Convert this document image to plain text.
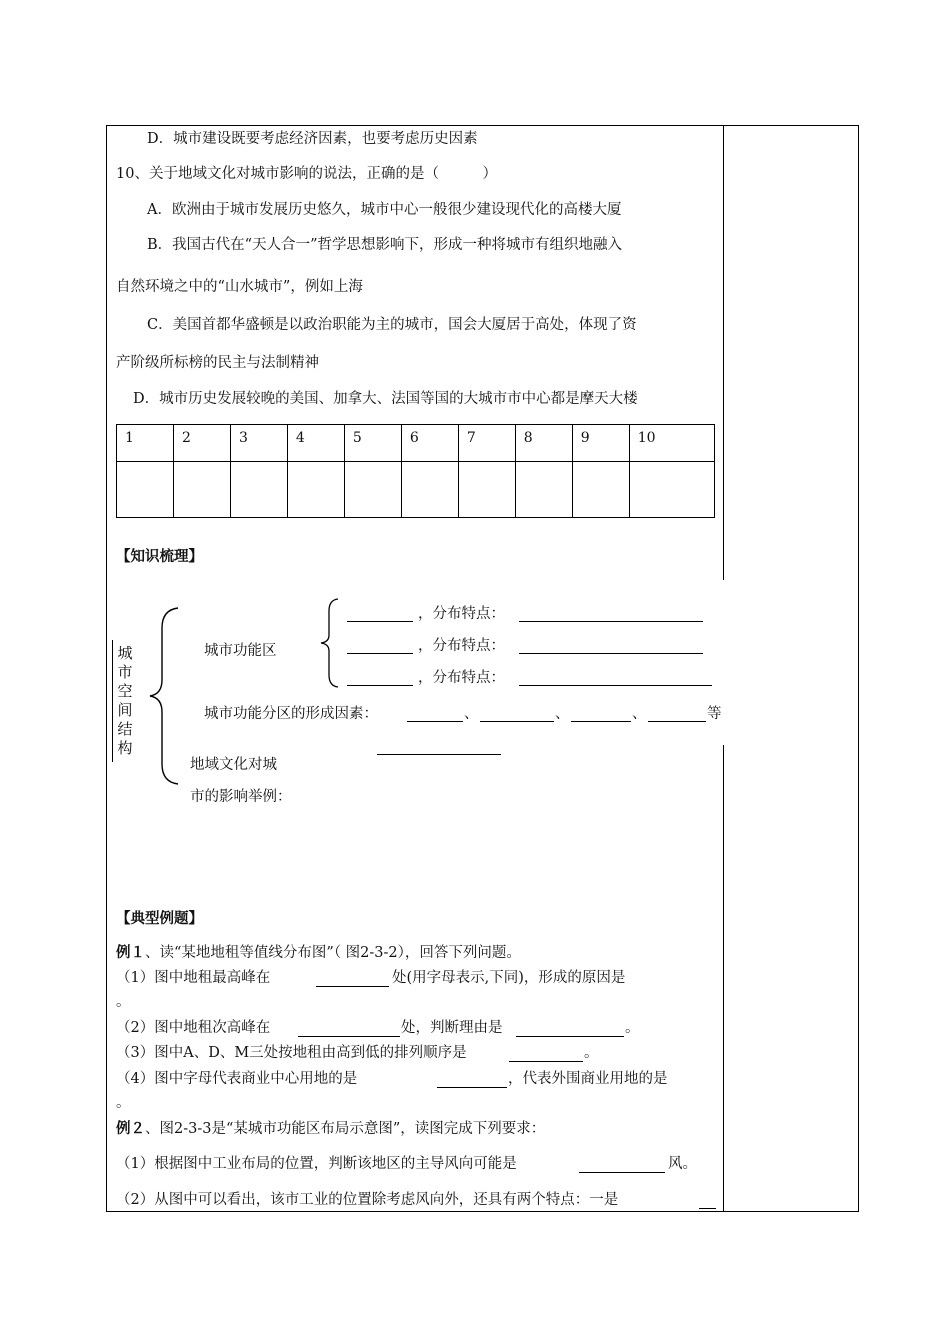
D．城市建设既要考虑经济因素，也要考虑历史因素
10、关于地域文化对城市影响的说法，正确的是（　　　）
A．欧洲由于城市发展历史悠久，城市中心一般很少建设现代化的高楼大厦
B．我国古代在“天人合一”哲学思想影响下，形成一种将城市有组织地融入
自然环境之中的“山水城市”，例如上海
C．美国首都华盛顿是以政治职能为主的城市，国会大厦居于高处，体现了资
产阶级所标榜的民主与法制精神
D．城市历史发展较晚的美国、加拿大、法国等国的大城市市中心都是摩天大楼
1	2	3	4	5	6	7	8	9	10

【知识梳理】
城
市
空
间
结
构
城市功能区
，分布特点：
，分布特点：
，分布特点：
城市功能分区的形成因素：	、	、	、	等
地域文化对城
市的影响举例：
【典型例题】
例１、读“某地地租等值线分布图”（ 图2-3-2），回答下列问题。
（1）图中地租最高峰在	处(用字母表示,下同)，形成的原因是
。
（2）图中地租次高峰在	处，判断理由是	。
（3）图中A、D、M三处按地租由高到低的排列顺序是	。
（4）图中字母代表商业中心用地的是	，代表外围商业用地的是
。
例２、图2-3-3是“某城市功能区布局示意图”，读图完成下列要求：
（1）根据图中工业布局的位置，判断该地区的主导风向可能是	风。
（2）从图中可以看出，该市工业的位置除考虑风向外，还具有两个特点：一是
